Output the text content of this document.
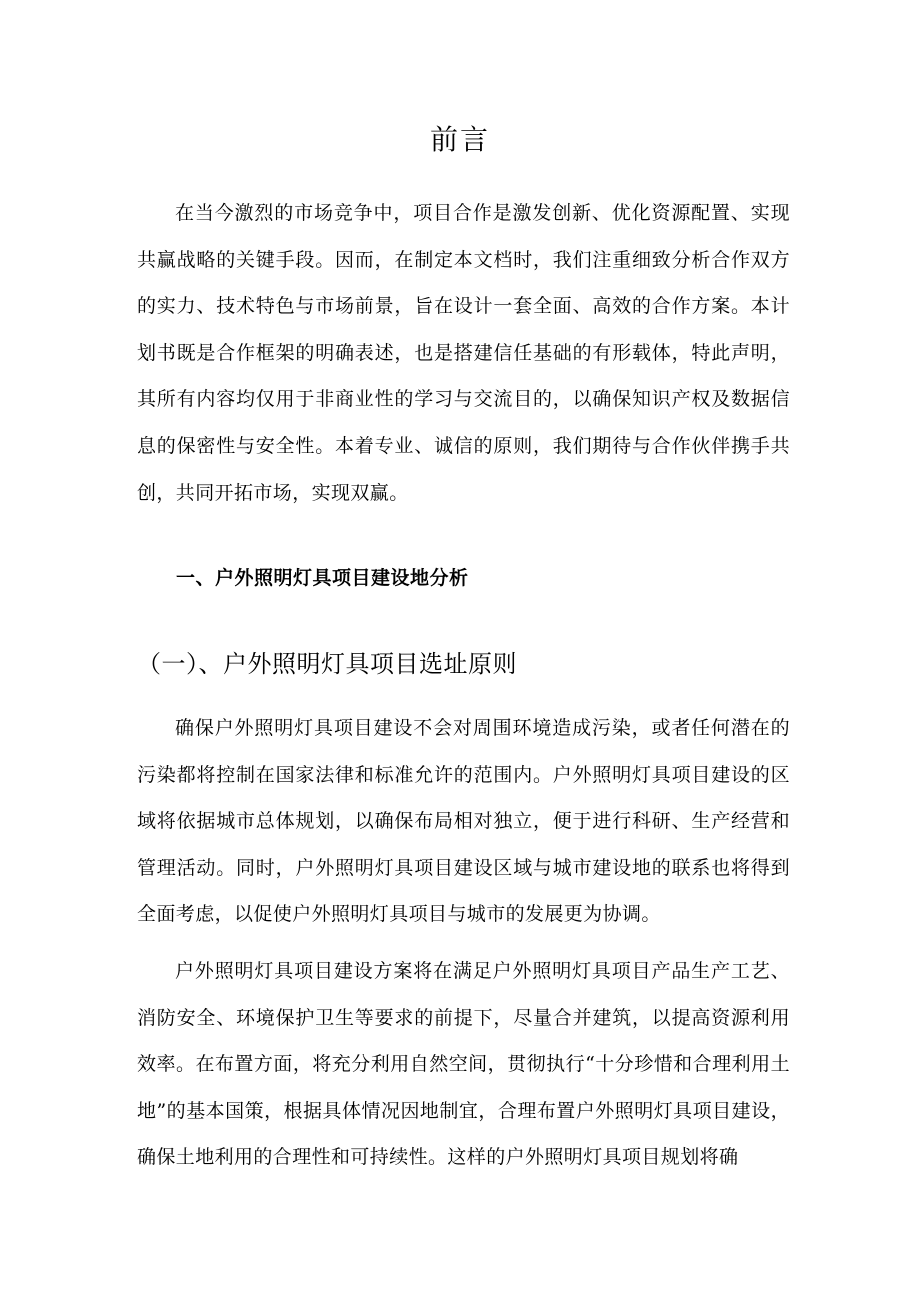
前言

在当今激烈的市场竞争中，项目合作是激发创新、优化资源配置、实现共赢战略的关键手段。因而，在制定本文档时，我们注重细致分析合作双方的实力、技术特色与市场前景，旨在设计一套全面、高效的合作方案。本计划书既是合作框架的明确表述，也是搭建信任基础的有形载体，特此声明，其所有内容均仅用于非商业性的学习与交流目的，以确保知识产权及数据信息的保密性与安全性。本着专业、诚信的原则，我们期待与合作伙伴携手共创，共同开拓市场，实现双赢。

一、户外照明灯具项目建设地分析
（一）、户外照明灯具项目选址原则

确保户外照明灯具项目建设不会对周围环境造成污染，或者任何潜在的污染都将控制在国家法律和标准允许的范围内。户外照明灯具项目建设的区域将依据城市总体规划，以确保布局相对独立，便于进行科研、生产经营和管理活动。同时，户外照明灯具项目建设区域与城市建设地的联系也将得到全面考虑，以促使户外照明灯具项目与城市的发展更为协调。

户外照明灯具项目建设方案将在满足户外照明灯具项目产品生产工艺、消防安全、环境保护卫生等要求的前提下，尽量合并建筑，以提高资源利用效率。在布置方面，将充分利用自然空间，贯彻执行“十分珍惜和合理利用土地”的基本国策，根据具体情况因地制宜，合理布置户外照明灯具项目建设，确保土地利用的合理性和可持续性。这样的户外照明灯具项目规划将确
